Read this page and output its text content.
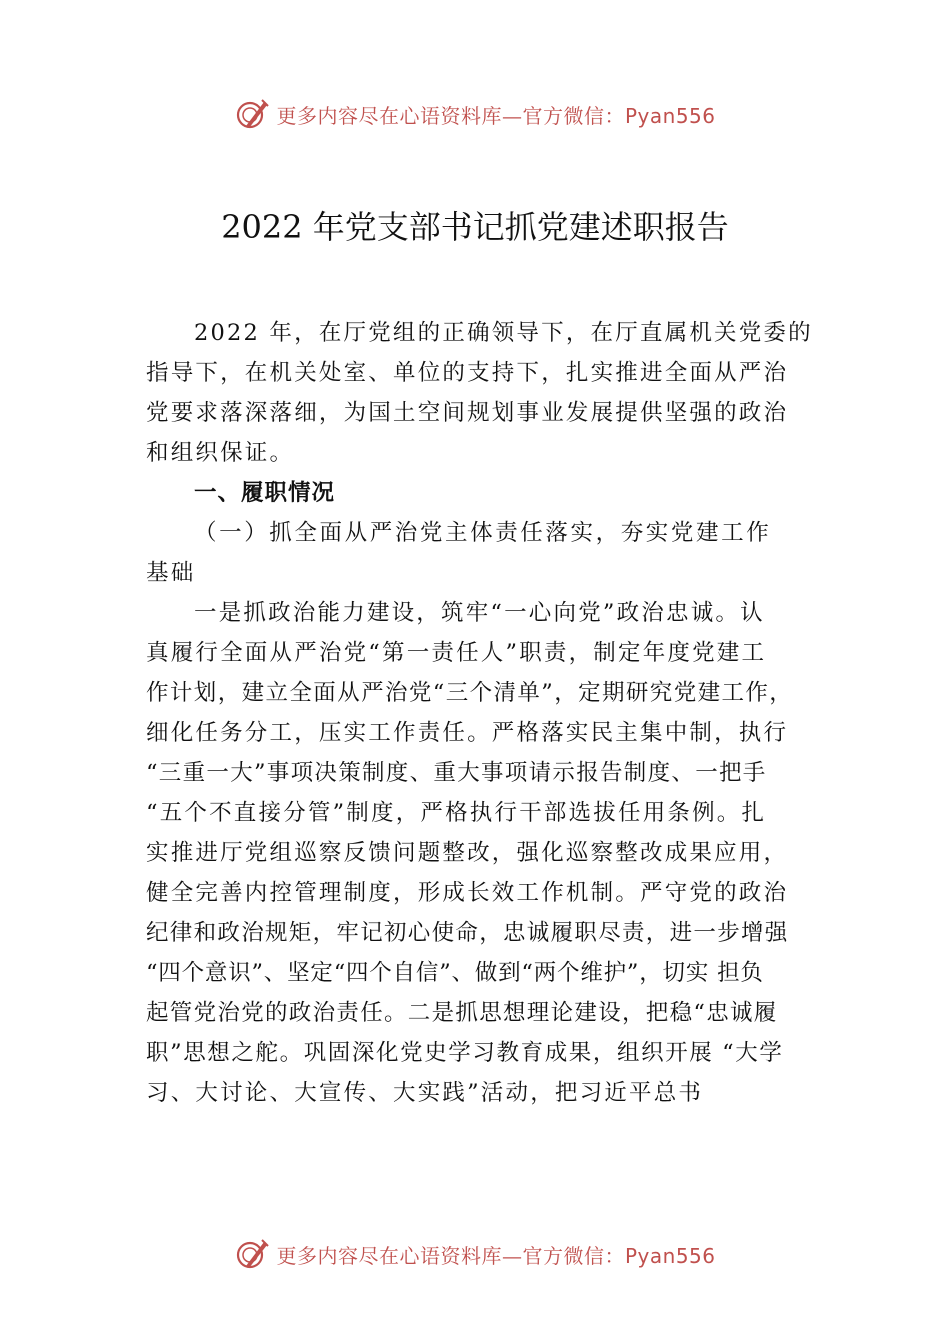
更多内容尽在心语资料库—官方微信：Pyan556
2022 年党支部书记抓党建述职报告
2022 年，在厅党组的正确领导下，在厅直属机关党委的
指导下，在机关处室、单位的支持下，扎实推进全面从严治
党要求落深落细，为国土空间规划事业发展提供坚强的政治
和组织保证。
一、履职情况
（一）抓全面从严治党主体责任落实，夯实党建工作
基础
一是抓政治能力建设，筑牢“一心向党”政治忠诚。认
真履行全面从严治党“第一责任人”职责，制定年度党建工
作计划，建立全面从严治党“三个清单”，定期研究党建工作，
细化任务分工，压实工作责任。严格落实民主集中制，执行
“三重一大”事项决策制度、重大事项请示报告制度、一把手
“五个不直接分管”制度，严格执行干部选拔任用条例。扎
实推进厅党组巡察反馈问题整改，强化巡察整改成果应用，
健全完善内控管理制度，形成长效工作机制。严守党的政治
纪律和政治规矩，牢记初心使命，忠诚履职尽责，进一步增强
“四个意识”、坚定“四个自信”、做到“两个维护”，切实 担负
起管党治党的政治责任。二是抓思想理论建设，把稳“忠诚履
职”思想之舵。巩固深化党史学习教育成果，组织开展 “大学
习、大讨论、大宣传、大实践”活动，把习近平总书
更多内容尽在心语资料库—官方微信：Pyan556
